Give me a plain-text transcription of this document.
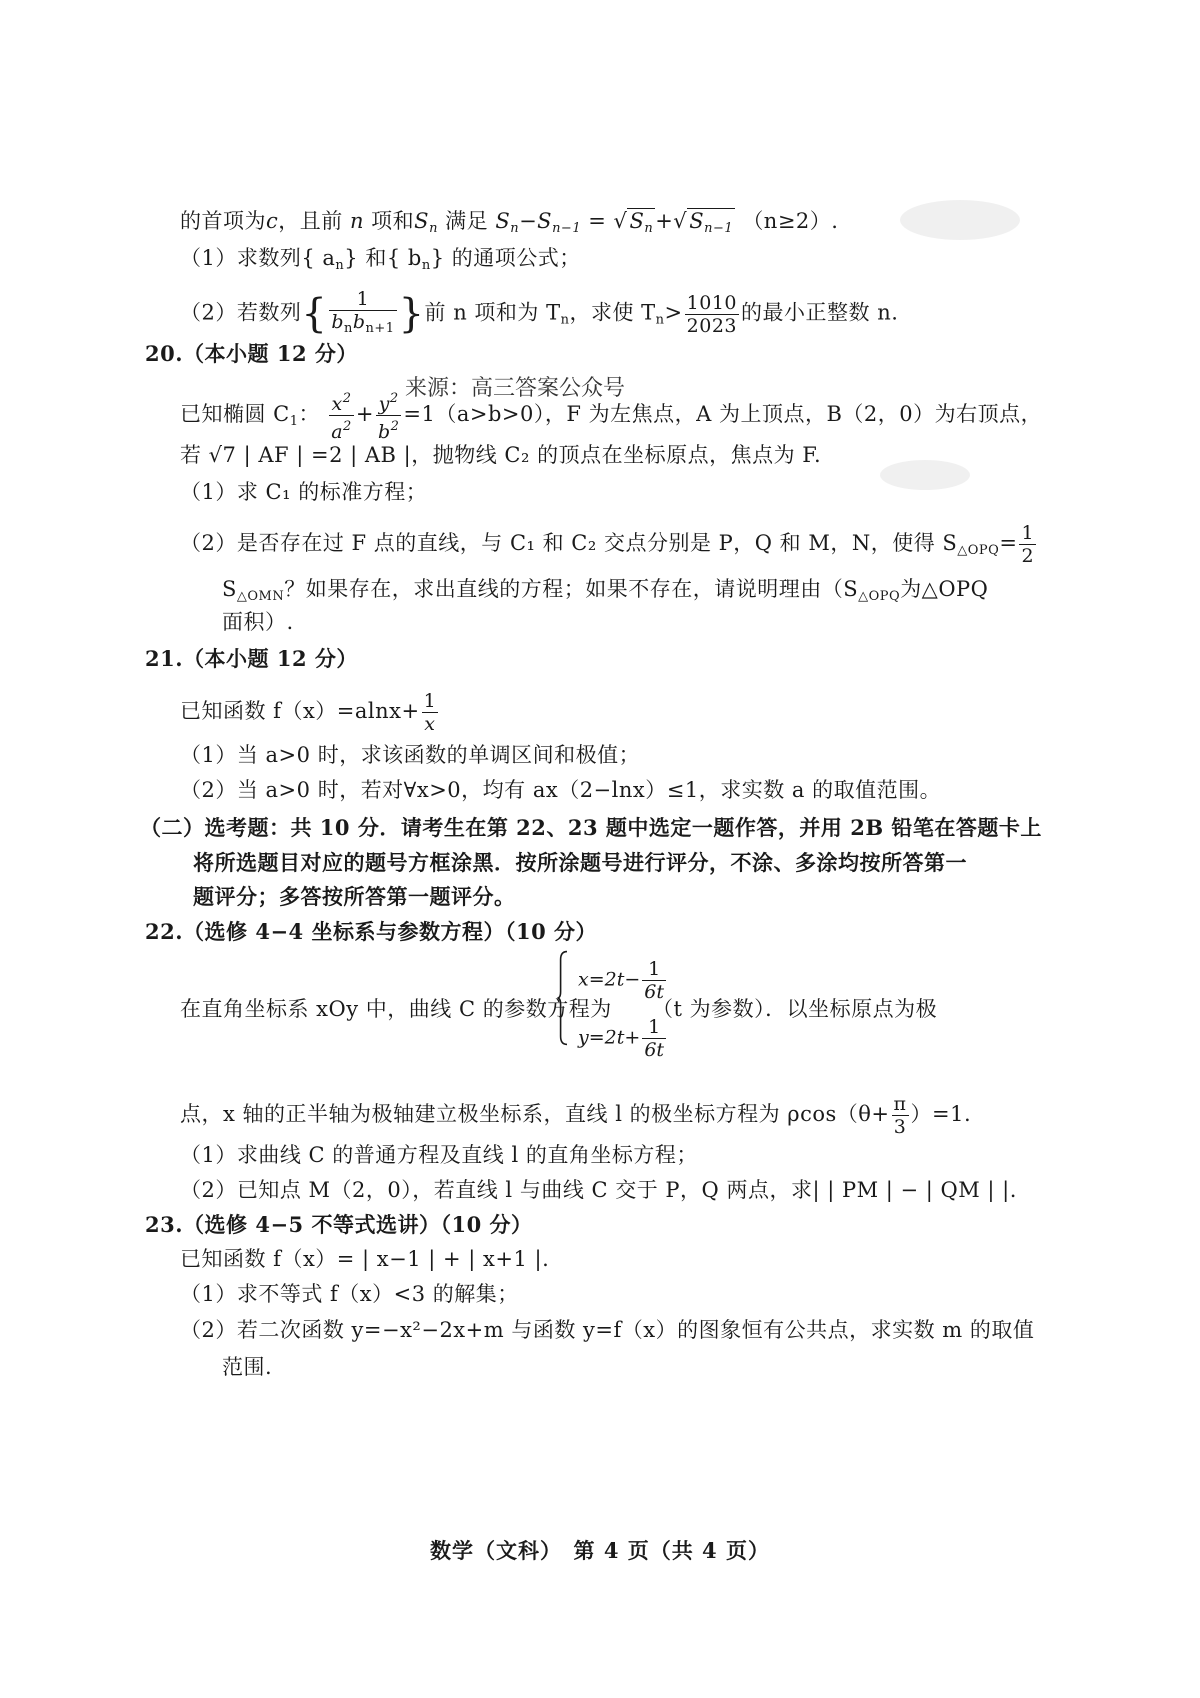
的首项为c，且前 n 项和$S_n$ 满足 $S_n-S_{n-1} = √S_n+√S_{n-1}$ （n≥2）.
（1）求数列{ $a_n$} 和{ $b_n$} 的通项公式；
（2）若数列{ $\frac{1}{b_nb_{n+1}}$ }前 n 项和为 $T_n$，求使 $T_n> \frac{1010}{2023}$ 的最小正整数 n.
20.（本小题 12 分）
来源：高三答案公众号
已知椭圆 $C_1$： $\frac{x^2}{a^2} + \frac{y^2}{b^2} =1(a>b>0)$，F 为左焦点，A 为上顶点，B（2，0）为右顶点，
若 √7 | AF | =2 | AB |，抛物线 C₂ 的顶点在坐标原点，焦点为 F.
（1）求 C₁ 的标准方程；
（2）是否存在过 F 点的直线，与 C₁ 和 C₂ 交点分别是 P，Q 和 M，N，使得 $S_{\triangle OPQ}= \frac{1}{2}$
$S_{\triangle OMN}$？如果存在，求出直线的方程；如果不存在，请说明理由（$S_{\triangle OPQ}$为△OPQ
面积）.
21.（本小题 12 分）
已知函数 $f(x)=alnx+ \frac{1}{x}$
（1）当 a>0 时，求该函数的单调区间和极值；
（2）当 a>0 时，若对∀x>0，均有 ax（2−lnx）≤1，求实数 a 的取值范围。
（二）选考题：共 10 分．请考生在第 22、23 题中选定一题作答，并用 2B 铅笔在答题卡上
将所选题目对应的题号方框涂黑．按所涂题号进行评分，不涂、多涂均按所答第一
题评分；多答按所答第一题评分。
22.（选修 4−4 坐标系与参数方程）（10 分）
在直角坐标系 xOy 中，曲线 C 的参数方程为
$x=2t- \frac{1}{6t}$
$y=2t+ \frac{1}{6t}$
（t 为参数）．以坐标原点为极
点，x 轴的正半轴为极轴建立极坐标系，直线 l 的极坐标方程为 $\rho\cos(\theta+ \frac{\pi}{3} )=1$.
（1）求曲线 C 的普通方程及直线 l 的直角坐标方程；
（2）已知点 M（2，0），若直线 l 与曲线 C 交于 P，Q 两点，求| | PM | − | QM | |.
23.（选修 4−5 不等式选讲）（10 分）
已知函数 f（x）= | x−1 | + | x+1 |.
（1）求不等式 f（x）<3 的解集；
（2）若二次函数 y=−x²−2x+m 与函数 y=f（x）的图象恒有公共点，求实数 m 的取值
范围.
数学（文科）　第 4 页（共 4 页）
